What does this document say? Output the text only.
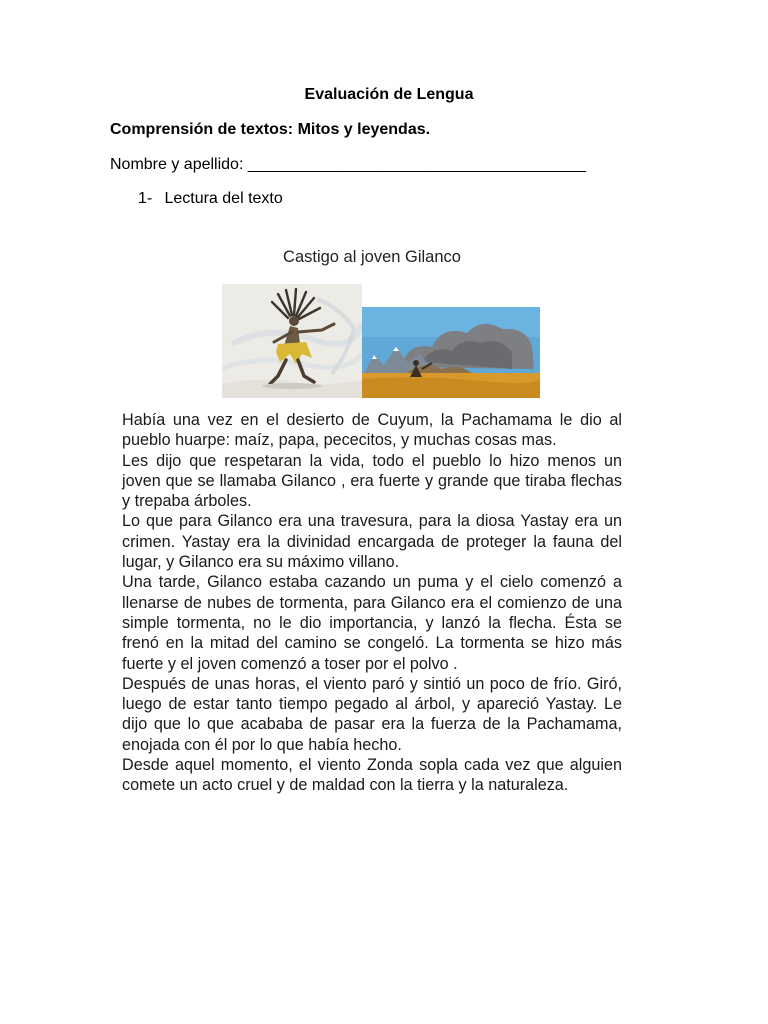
Evaluación de Lengua

Comprensión de textos: Mitos y leyendas.

Nombre y apellido: ______________________________________

1- Lectura del texto

Castigo al joven Gilanco

Había una vez en el desierto de Cuyum, la Pachamama le dio al pueblo huarpe: maíz, papa, pececitos, y muchas cosas mas.

Les dijo que respetaran la vida, todo el pueblo lo hizo menos un joven que se llamaba Gilanco , era fuerte y grande que tiraba flechas y trepaba árboles.

Lo que para Gilanco era una travesura, para la diosa Yastay era un crimen. Yastay era la divinidad encargada de proteger la fauna del lugar, y Gilanco era su máximo villano.

Una tarde, Gilanco estaba cazando un puma y el cielo comenzó a llenarse de nubes de tormenta, para Gilanco era el comienzo de una simple tormenta, no le dio importancia, y lanzó la flecha. Ésta se frenó en la mitad del camino se congeló. La tormenta se hizo más fuerte y el joven comenzó a toser por el polvo .

Después de unas horas, el viento paró y sintió un poco de frío. Giró, luego de estar tanto tiempo pegado al árbol, y apareció Yastay. Le dijo que lo que acababa de pasar era la fuerza de la Pachamama, enojada con él por lo que había hecho.

Desde aquel momento, el viento Zonda sopla cada vez que alguien comete un acto cruel y de maldad con la tierra y la naturaleza.
